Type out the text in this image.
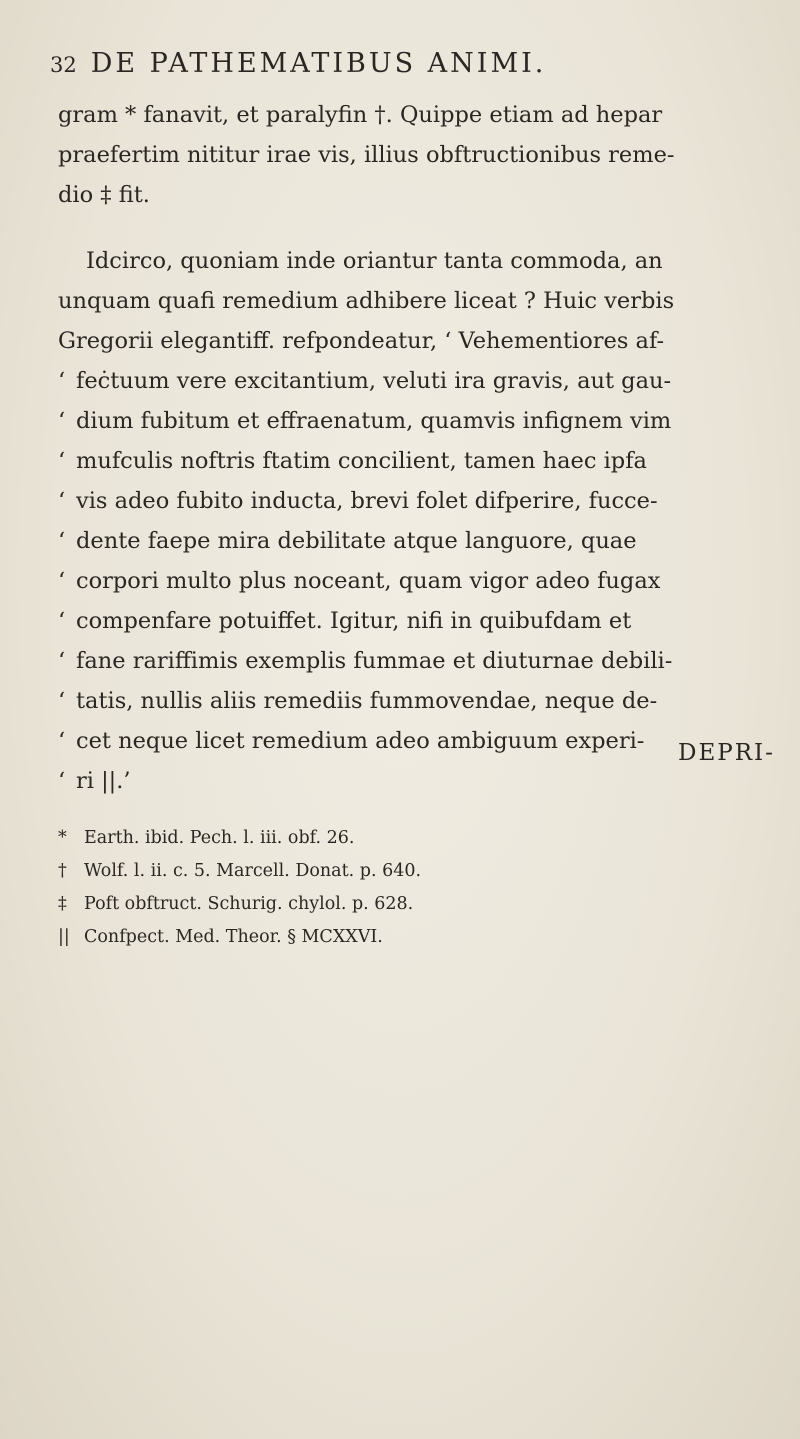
32 DE PATHEMATIBUS ANIMI.
gram * fanavit, et paralyfin †. Quippe etiam ad hepar
praefertim nititur irae vis, illius obftructionibus reme-
dio ‡ fit.
Idcirco, quoniam inde oriantur tanta commoda, an
unquam quafi remedium adhibere liceat ? Huic verbis
Gregorii elegantiff. refpondeatur, ‘ Vehementiores af-
‘ feċtuum vere excitantium, veluti ira gravis, aut gau-
‘ dium fubitum et effraenatum, quamvis infignem vim
‘ mufculis noftris ftatim concilient, tamen haec ipfa
‘ vis adeo fubito inducta, brevi folet difperire, fucce-
‘ dente faepe mira debilitate atque languore, quae
‘ corpori multo plus noceant, quam vigor adeo fugax
‘ compenfare potuiffet. Igitur, nifi in quibufdam et
‘ fane rariffimis exemplis fummae et diuturnae debili-
‘ tatis, nullis aliis remediis fummovendae, neque de-
‘ cet neque licet remedium adeo ambiguum experi-
‘ ri ||.’
DEPRI-
* Earth. ibid. Pech. l. iii. obf. 26.
† Wolf. l. ii. c. 5. Marcell. Donat. p. 640.
‡ Poft obftruct. Schurig. chylol. p. 628.
|| Confpect. Med. Theor. § MCXXVI.
